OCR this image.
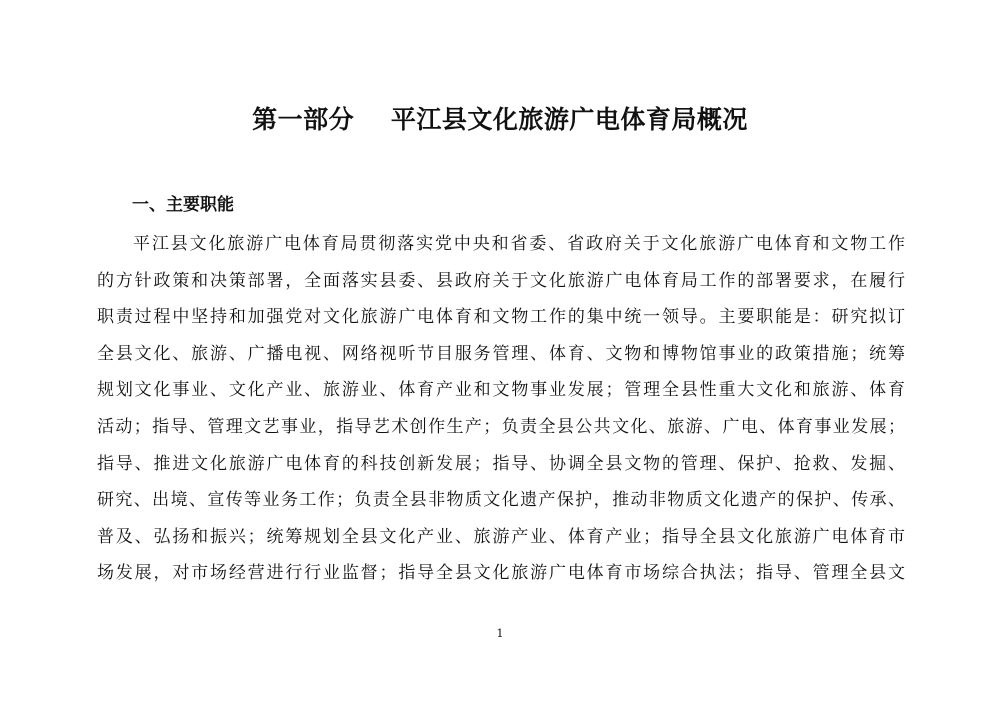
第一部分    平江县文化旅游广电体育局概况
一、主要职能
平江县文化旅游广电体育局贯彻落实党中央和省委、省政府关于文化旅游广电体育和文物工作
的方针政策和决策部署，全面落实县委、县政府关于文化旅游广电体育局工作的部署要求，在履行
职责过程中坚持和加强党对文化旅游广电体育和文物工作的集中统一领导。主要职能是：研究拟订
全县文化、旅游、广播电视、网络视听节目服务管理、体育、文物和博物馆事业的政策措施；统筹
规划文化事业、文化产业、旅游业、体育产业和文物事业发展；管理全县性重大文化和旅游、体育
活动；指导、管理文艺事业，指导艺术创作生产；负责全县公共文化、旅游、广电、体育事业发展；
指导、推进文化旅游广电体育的科技创新发展；指导、协调全县文物的管理、保护、抢救、发掘、
研究、出境、宣传等业务工作；负责全县非物质文化遗产保护，推动非物质文化遗产的保护、传承、
普及、弘扬和振兴；统筹规划全县文化产业、旅游产业、体育产业；指导全县文化旅游广电体育市
场发展，对市场经营进行行业监督；指导全县文化旅游广电体育市场综合执法；指导、管理全县文
1
